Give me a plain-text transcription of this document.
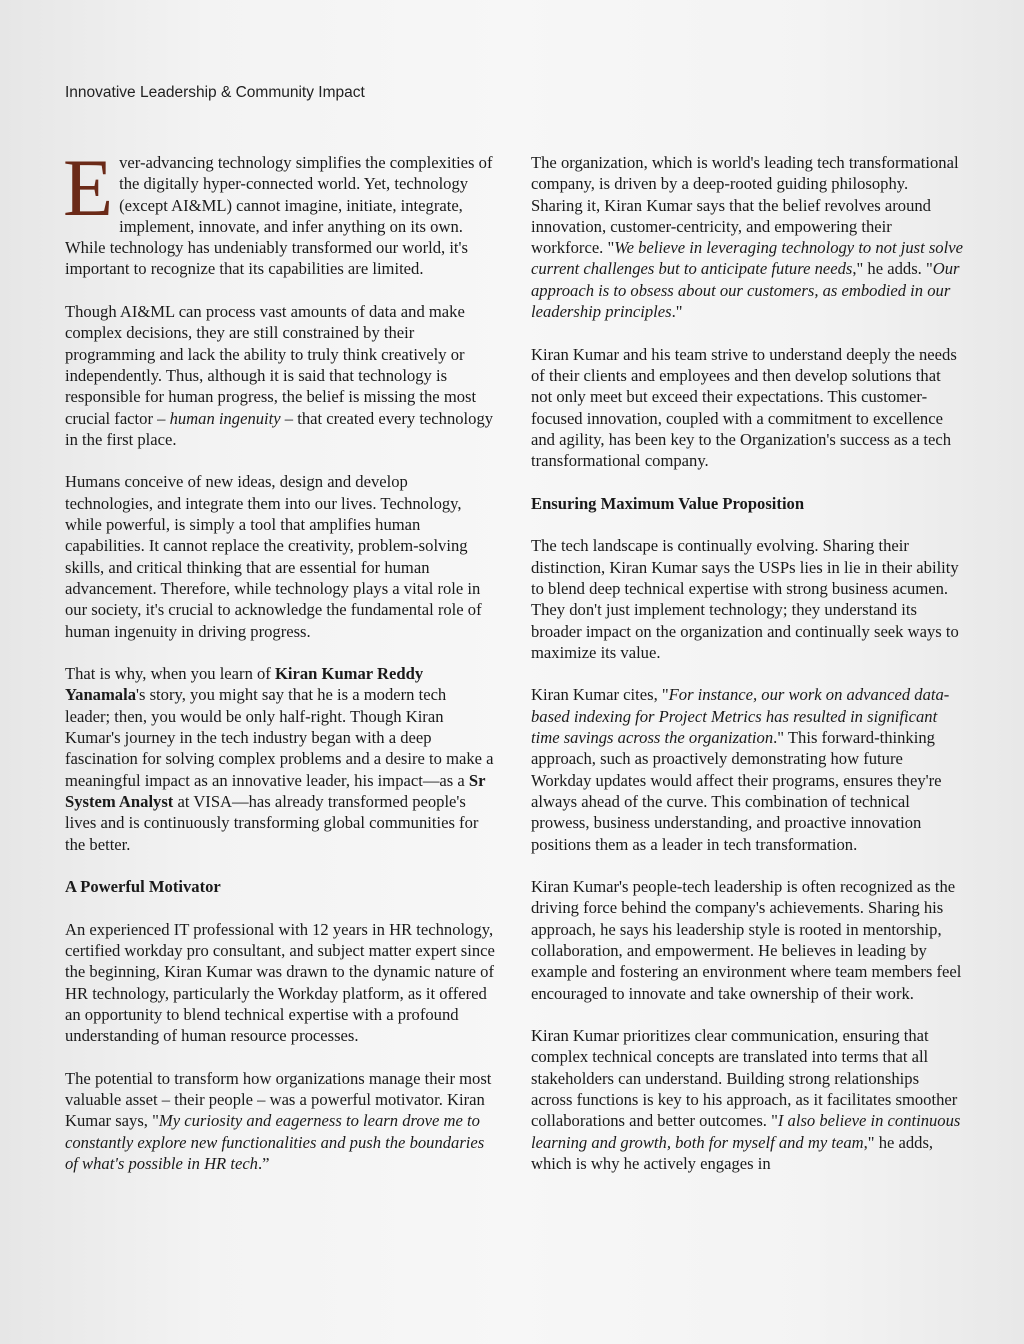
Innovative Leadership & Community Impact

Ever-advancing technology simplifies the complexities of the digitally hyper-connected world. Yet, technology (except AI&ML) cannot imagine, initiate, integrate, implement, innovate, and infer anything on its own. While technology has undeniably transformed our world, it's important to recognize that its capabilities are limited.

Though AI&ML can process vast amounts of data and make complex decisions, they are still constrained by their programming and lack the ability to truly think creatively or independently. Thus, although it is said that technology is responsible for human progress, the belief is missing the most crucial factor – human ingenuity – that created every technology in the first place.

Humans conceive of new ideas, design and develop technologies, and integrate them into our lives. Technology, while powerful, is simply a tool that amplifies human capabilities. It cannot replace the creativity, problem-solving skills, and critical thinking that are essential for human advancement. Therefore, while technology plays a vital role in our society, it's crucial to acknowledge the fundamental role of human ingenuity in driving progress.

That is why, when you learn of Kiran Kumar Reddy Yanamala's story, you might say that he is a modern tech leader; then, you would be only half-right. Though Kiran Kumar's journey in the tech industry began with a deep fascination for solving complex problems and a desire to make a meaningful impact as an innovative leader, his impact—as a Sr System Analyst at VISA—has already transformed people's lives and is continuously transforming global communities for the better.

A Powerful Motivator

An experienced IT professional with 12 years in HR technology, certified workday pro consultant, and subject matter expert since the beginning, Kiran Kumar was drawn to the dynamic nature of HR technology, particularly the Workday platform, as it offered an opportunity to blend technical expertise with a profound understanding of human resource processes.

The potential to transform how organizations manage their most valuable asset – their people – was a powerful motivator. Kiran Kumar says, "My curiosity and eagerness to learn drove me to constantly explore new functionalities and push the boundaries of what's possible in HR tech.”

The organization, which is world's leading tech transformational company, is driven by a deep-rooted guiding philosophy. Sharing it, Kiran Kumar says that the belief revolves around innovation, customer-centricity, and empowering their workforce. "We believe in leveraging technology to not just solve current challenges but to anticipate future needs," he adds. "Our approach is to obsess about our customers, as embodied in our leadership principles."

Kiran Kumar and his team strive to understand deeply the needs of their clients and employees and then develop solutions that not only meet but exceed their expectations. This customer-focused innovation, coupled with a commitment to excellence and agility, has been key to the Organization's success as a tech transformational company.

Ensuring Maximum Value Proposition

The tech landscape is continually evolving. Sharing their distinction, Kiran Kumar says the USPs lies in lie in their ability to blend deep technical expertise with strong business acumen. They don't just implement technology; they understand its broader impact on the organization and continually seek ways to maximize its value.

Kiran Kumar cites, "For instance, our work on advanced data-based indexing for Project Metrics has resulted in significant time savings across the organization." This forward-thinking approach, such as proactively demonstrating how future Workday updates would affect their programs, ensures they're always ahead of the curve. This combination of technical prowess, business understanding, and proactive innovation positions them as a leader in tech transformation.

Kiran Kumar's people-tech leadership is often recognized as the driving force behind the company's achievements. Sharing his approach, he says his leadership style is rooted in mentorship, collaboration, and empowerment. He believes in leading by example and fostering an environment where team members feel encouraged to innovate and take ownership of their work.

Kiran Kumar prioritizes clear communication, ensuring that complex technical concepts are translated into terms that all stakeholders can understand. Building strong relationships across functions is key to his approach, as it facilitates smoother collaborations and better outcomes. "I also believe in continuous learning and growth, both for myself and my team," he adds, which is why he actively engages in
